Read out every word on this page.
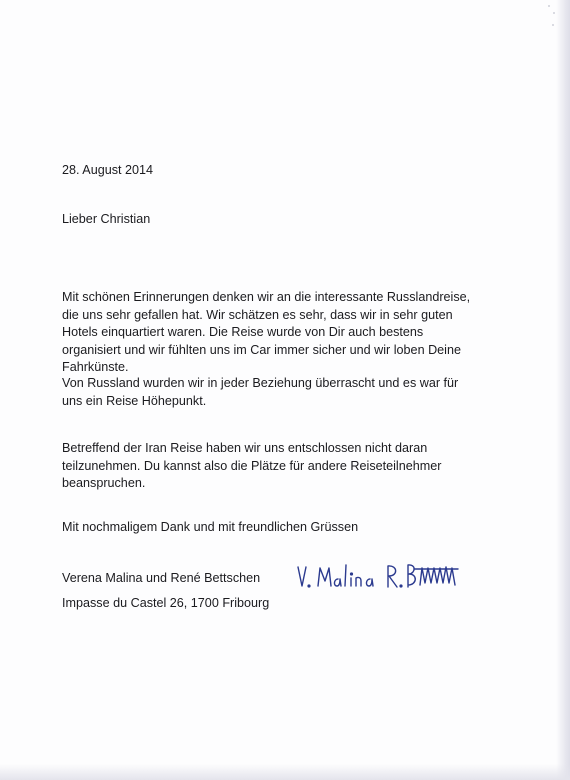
28. August 2014

Lieber Christian

Mit schönen Erinnerungen denken wir an die interessante Russlandreise,
die uns sehr gefallen hat. Wir schätzen es sehr, dass wir in sehr guten
Hotels einquartiert waren. Die Reise wurde von Dir auch bestens
organisiert und wir fühlten uns im Car immer sicher und wir loben Deine
Fahrkünste.
Von Russland wurden wir in jeder Beziehung überrascht und es war für
uns ein Reise Höhepunkt.
Betreffend der Iran Reise haben wir uns entschlossen nicht daran
teilzunehmen. Du kannst also die Plätze für andere Reiseteilnehmer
beanspruchen.

Mit nochmaligem Dank und mit freundlichen Grüssen

Verena Malina und René Bettschen

Impasse du Castel 26, 1700 Fribourg
